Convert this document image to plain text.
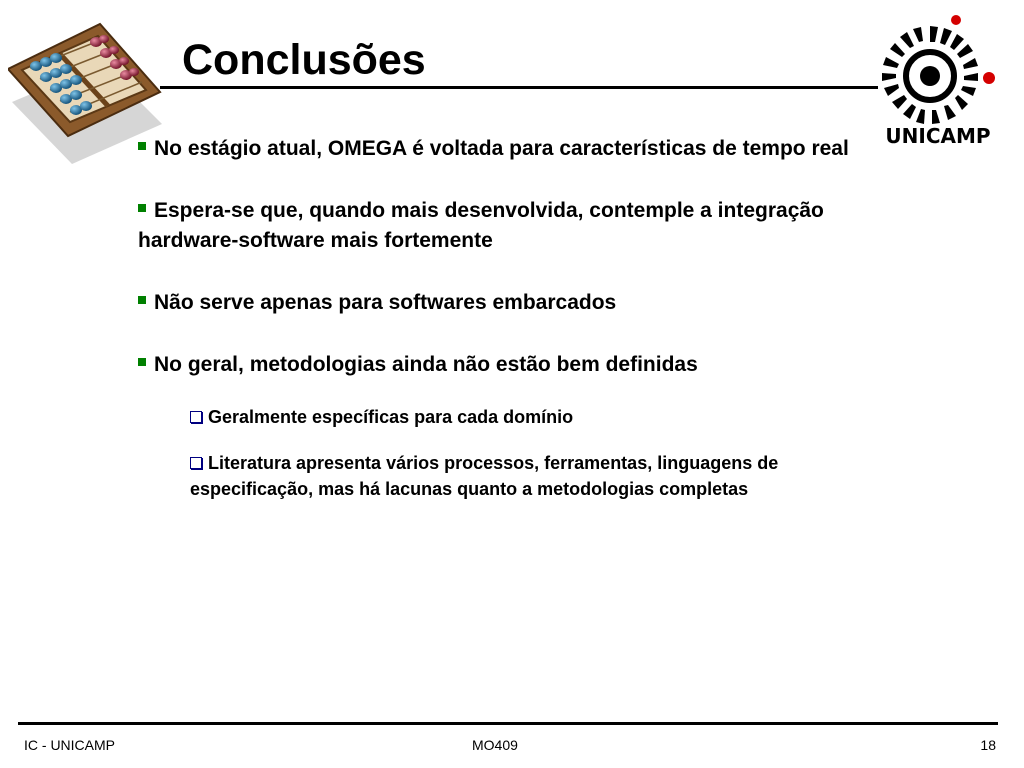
Conclusões
UNICAMP

No estágio atual, OMEGA é voltada para características de tempo real

Espera-se que, quando mais desenvolvida, contemple a integração hardware-software mais fortemente

Não serve apenas para softwares embarcados

No geral, metodologias ainda não estão bem definidas

Geralmente específicas para cada domínio

Literatura apresenta vários processos, ferramentas, linguagens de especificação, mas há lacunas quanto a metodologias completas

IC - UNICAMP	MO409	18
